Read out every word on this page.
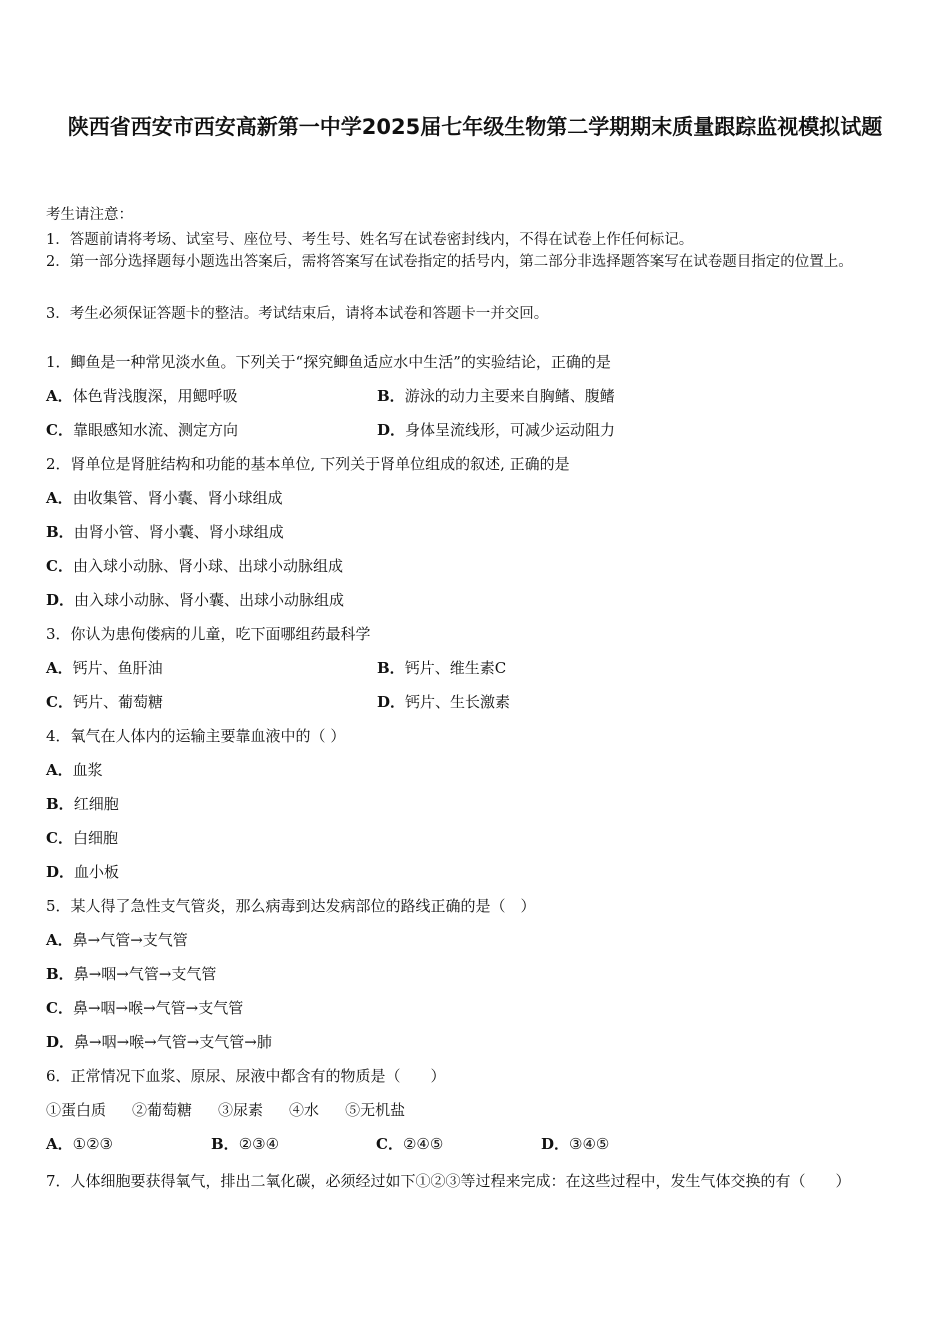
陕西省西安市西安高新第一中学2025届七年级生物第二学期期末质量跟踪监视模拟试题
考生请注意：
1．答题前请将考场、试室号、座位号、考生号、姓名写在试卷密封线内，不得在试卷上作任何标记。
2．第一部分选择题每小题选出答案后，需将答案写在试卷指定的括号内，第二部分非选择题答案写在试卷题目指定的位置上。
3．考生必须保证答题卡的整洁。考试结束后，请将本试卷和答题卡一并交回。
1．鲫鱼是一种常见淡水鱼。下列关于“探究鲫鱼适应水中生活”的实验结论，正确的是
A．体色背浅腹深，用鳃呼吸	B．游泳的动力主要来自胸鳍、腹鳍
C．靠眼感知水流、测定方向	D．身体呈流线形，可减少运动阻力
2．肾单位是肾脏结构和功能的基本单位, 下列关于肾单位组成的叙述, 正确的是
A．由收集管、肾小囊、肾小球组成
B．由肾小管、肾小囊、肾小球组成
C．由入球小动脉、肾小球、出球小动脉组成
D．由入球小动脉、肾小囊、出球小动脉组成
3．你认为患佝偻病的儿童，吃下面哪组药最科学
A．钙片、鱼肝油	B．钙片、维生素C
C．钙片、葡萄糖	D．钙片、生长激素
4．氧气在人体内的运输主要靠血液中的（ ）
A．血浆
B．红细胞
C．白细胞
D．血小板
5．某人得了急性支气管炎，那么病毒到达发病部位的路线正确的是（　）
A．鼻→气管→支气管
B．鼻→咽→气管→支气管
C．鼻→咽→喉→气管→支气管
D．鼻→咽→喉→气管→支气管→肺
6．正常情况下血浆、原尿、尿液中都含有的物质是（　　）
①蛋白质 ②葡萄糖 ③尿素 ④水 ⑤无机盐
A．①②③	B．②③④	C．②④⑤	D．③④⑤
7．人体细胞要获得氧气，排出二氧化碳，必须经过如下①②③等过程来完成：在这些过程中，发生气体交换的有（　　）
